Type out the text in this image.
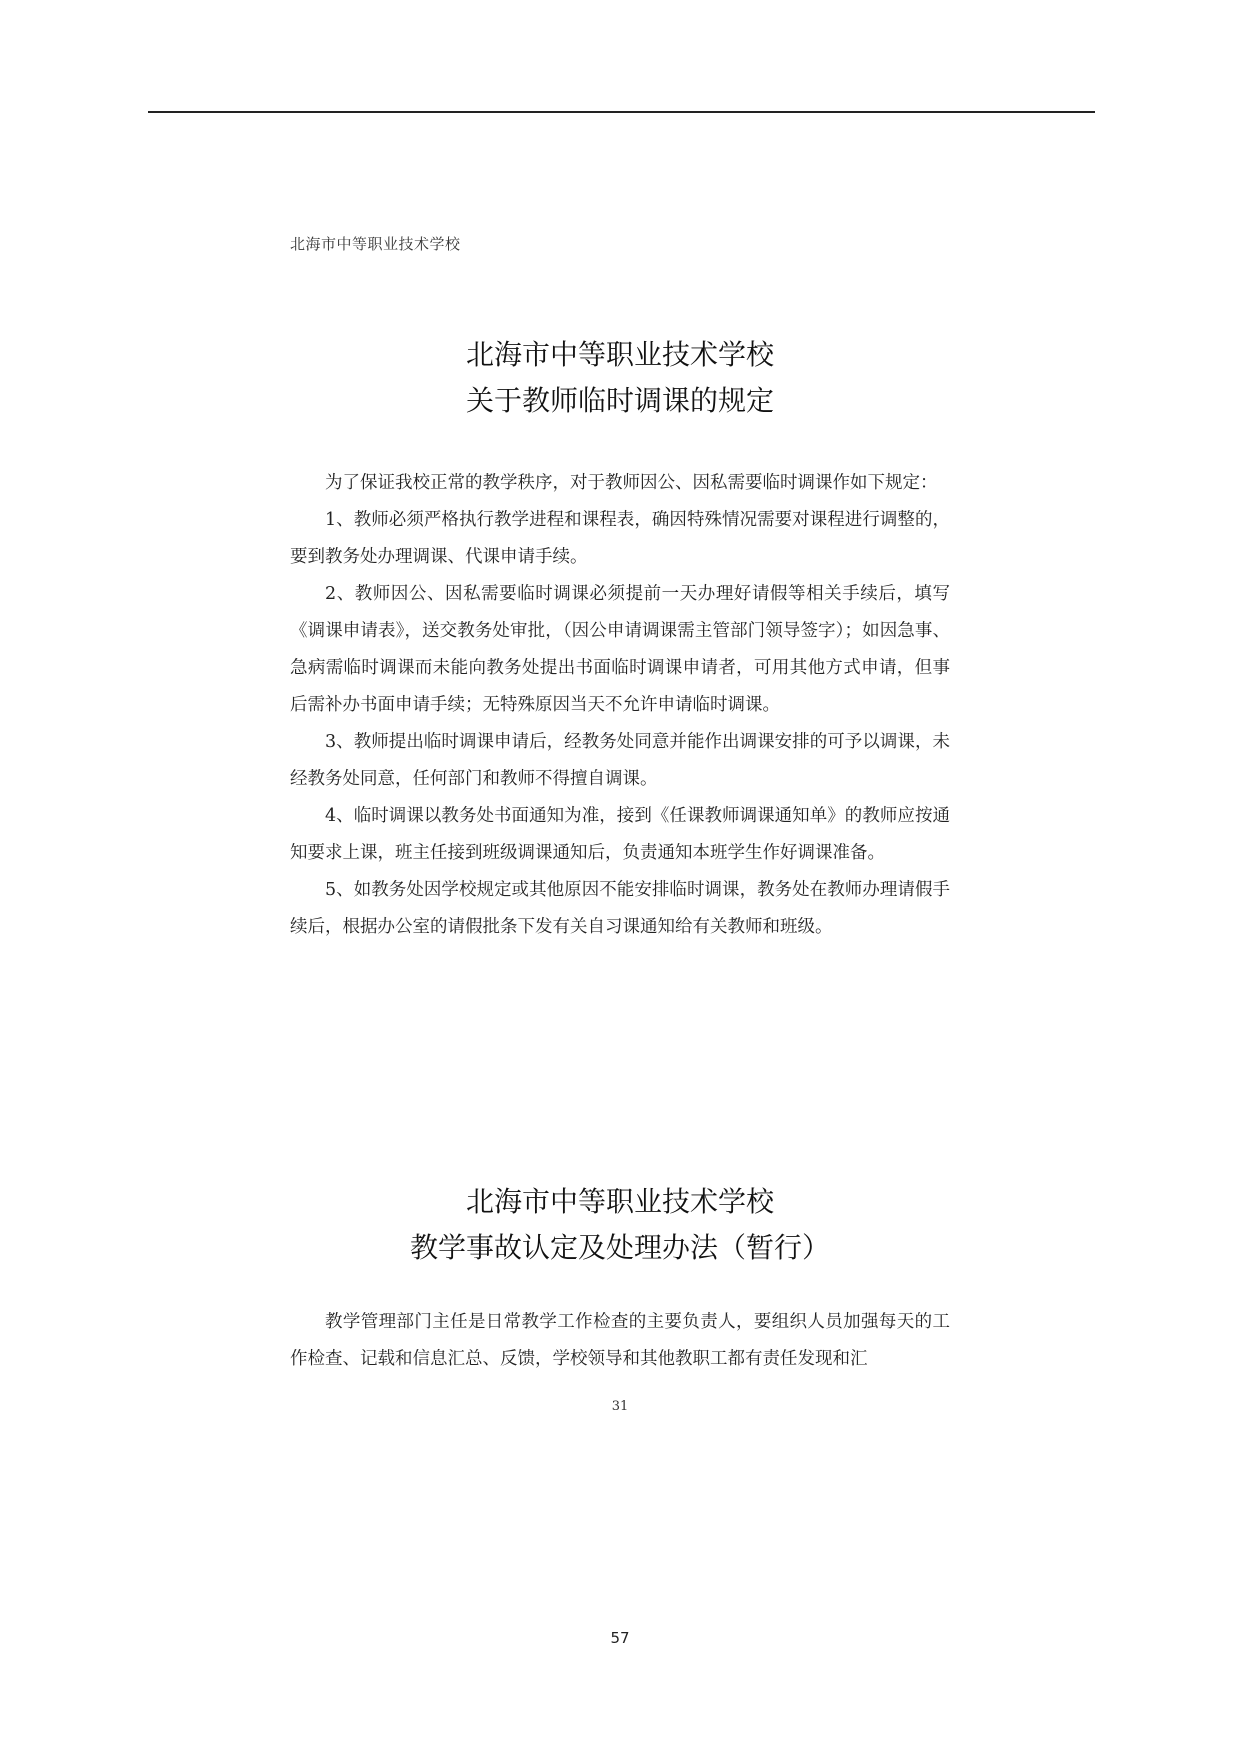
北海市中等职业技术学校
北海市中等职业技术学校
关于教师临时调课的规定

为了保证我校正常的教学秩序，对于教师因公、因私需要临时调课作如下规定：

1、教师必须严格执行教学进程和课程表，确因特殊情况需要对课程进行调整的，要到教务处办理调课、代课申请手续。

2、教师因公、因私需要临时调课必须提前一天办理好请假等相关手续后，填写《调课申请表》，送交教务处审批，（因公申请调课需主管部门领导签字）；如因急事、急病需临时调课而未能向教务处提出书面临时调课申请者，可用其他方式申请，但事后需补办书面申请手续；无特殊原因当天不允许申请临时调课。

3、教师提出临时调课申请后，经教务处同意并能作出调课安排的可予以调课，未经教务处同意，任何部门和教师不得擅自调课。

4、临时调课以教务处书面通知为准，接到《任课教师调课通知单》的教师应按通知要求上课，班主任接到班级调课通知后，负责通知本班学生作好调课准备。

5、如教务处因学校规定或其他原因不能安排临时调课，教务处在教师办理请假手续后，根据办公室的请假批条下发有关自习课通知给有关教师和班级。

北海市中等职业技术学校
教学事故认定及处理办法（暂行）

教学管理部门主任是日常教学工作检查的主要负责人，要组织人员加强每天的工作检查、记载和信息汇总、反馈，学校领导和其他教职工都有责任发现和汇

31
57
